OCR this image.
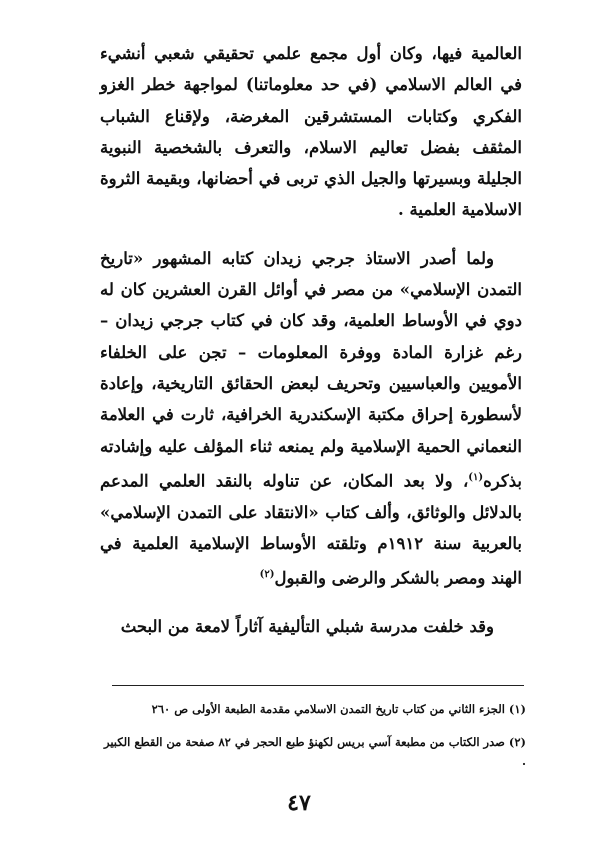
العالمية فيها، وكان أول مجمع علمي تحقيقي شعبي أنشيء في العالم الاسلامي (في حد معلوماتنا) لمواجهة خطر الغزو الفكري وكتابات المستشرقين المغرضة، ولإقناع الشباب المثقف بفضل تعاليم الاسلام، والتعرف بالشخصية النبوية الجليلة وبسيرتها والجيل الذي تربى في أحضانها، وبقيمة الثروة الاسلامية العلمية .

ولما أصدر الاستاذ جرجي زيدان كتابه المشهور «تاريخ التمدن الإسلامي» من مصر في أوائل القرن العشرين كان له دوي في الأوساط العلمية، وقد كان في كتاب جرجي زيدان – رغم غزارة المادة ووفرة المعلومات – تجن على الخلفاء الأمويين والعباسيين وتحريف لبعض الحقائق التاريخية، وإعادة لأسطورة إحراق مكتبة الإسكندرية الخرافية، ثارت في العلامة النعماني الحمية الإسلامية ولم يمنعه ثناء المؤلف عليه وإشادته بذكره$^{(١)}$، ولا بعد المكان، عن تناوله بالنقد العلمي المدعم بالدلائل والوثائق، وألف كتاب «الانتقاد على التمدن الإسلامي» بالعربية سنة ١٩١٢م وتلقته الأوساط الإسلامية العلمية في الهند ومصر بالشكر والرضى والقبول$^{(٢)}$

وقد خلفت مدرسة شبلي التأليفية آثاراً لامعة من البحث

(١) الجزء الثاني من كتاب تاريخ التمدن الاسلامي مقدمة الطبعة الأولى ص ٢٦٠

(٢) صدر الكتاب من مطبعة آسي بريس لكهنؤ طبع الحجر في ٨٢ صفحة من القطع الكبير .

٤٧
